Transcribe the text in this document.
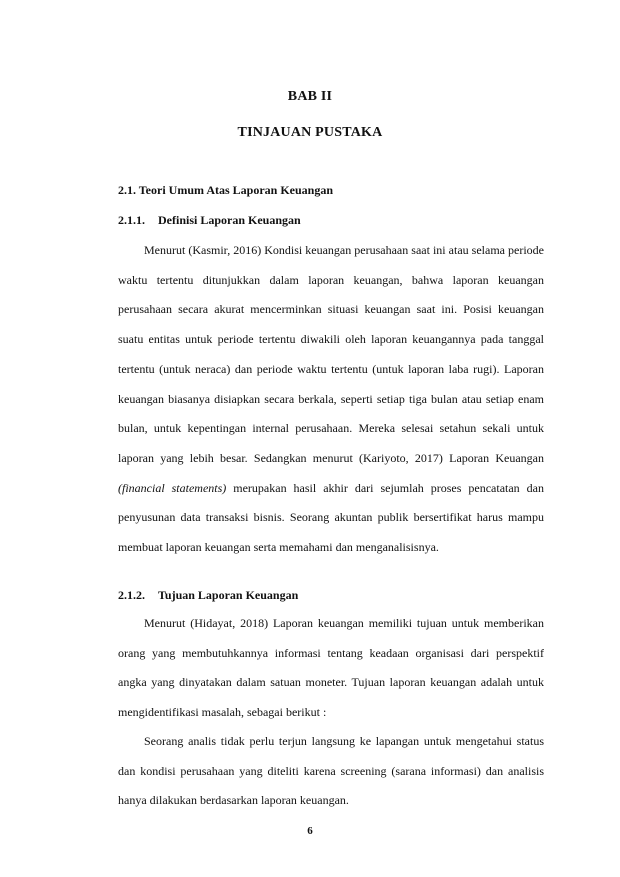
BAB II
TINJAUAN PUSTAKA
2.1. Teori Umum Atas Laporan Keuangan
2.1.1. Definisi Laporan Keuangan

Menurut (Kasmir, 2016) Kondisi keuangan perusahaan saat ini atau selama periode waktu tertentu ditunjukkan dalam laporan keuangan, bahwa laporan keuangan perusahaan secara akurat mencerminkan situasi keuangan saat ini. Posisi keuangan suatu entitas untuk periode tertentu diwakili oleh laporan keuangannya pada tanggal tertentu (untuk neraca) dan periode waktu tertentu (untuk laporan laba rugi). Laporan keuangan biasanya disiapkan secara berkala, seperti setiap tiga bulan atau setiap enam bulan, untuk kepentingan internal perusahaan. Mereka selesai setahun sekali untuk laporan yang lebih besar. Sedangkan menurut (Kariyoto, 2017) Laporan Keuangan (financial statements) merupakan hasil akhir dari sejumlah proses pencatatan dan penyusunan data transaksi bisnis. Seorang akuntan publik bersertifikat harus mampu membuat laporan keuangan serta memahami dan menganalisisnya.

2.1.2. Tujuan Laporan Keuangan

Menurut (Hidayat, 2018) Laporan keuangan memiliki tujuan untuk memberikan orang yang membutuhkannya informasi tentang keadaan organisasi dari perspektif angka yang dinyatakan dalam satuan moneter. Tujuan laporan keuangan adalah untuk mengidentifikasi masalah, sebagai berikut :

Seorang analis tidak perlu terjun langsung ke lapangan untuk mengetahui status dan kondisi perusahaan yang diteliti karena screening (sarana informasi) dan analisis hanya dilakukan berdasarkan laporan keuangan.

6
